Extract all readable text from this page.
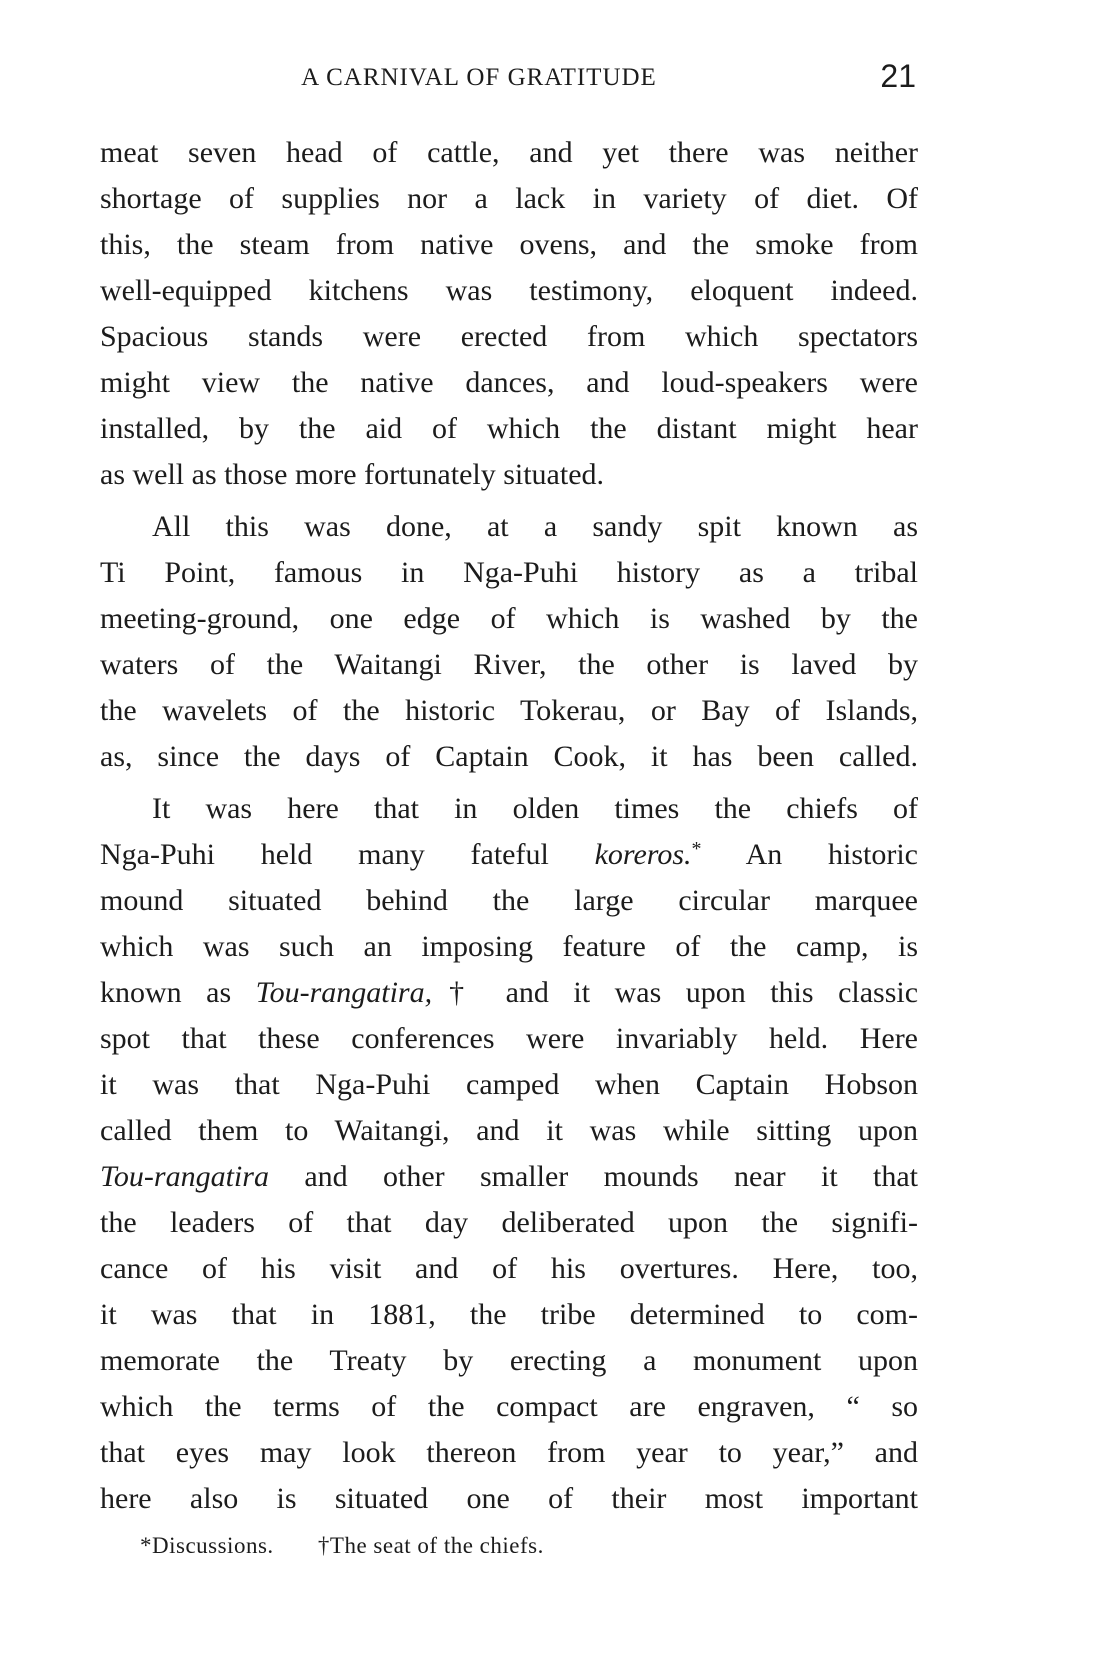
A CARNIVAL OF GRATITUDE	21
meat seven head of cattle, and yet there was neither
shortage of supplies nor a lack in variety of diet. Of
this, the steam from native ovens, and the smoke from
well-equipped kitchens was testimony, eloquent indeed.
Spacious stands were erected from which spectators
might view the native dances, and loud-speakers were
installed, by the aid of which the distant might hear
as well as those more fortunately situated.
All this was done, at a sandy spit known as
Ti Point, famous in Nga-Puhi history as a tribal
meeting-ground, one edge of which is washed by the
waters of the Waitangi River, the other is laved by
the wavelets of the historic Tokerau, or Bay of Islands,
as, since the days of Captain Cook, it has been called.
It was here that in olden times the chiefs of
Nga-Puhi held many fateful koreros.* An historic
mound situated behind the large circular marquee
which was such an imposing feature of the camp, is
known as Tou-rangatira,† and it was upon this classic
spot that these conferences were invariably held. Here
it was that Nga-Puhi camped when Captain Hobson
called them to Waitangi, and it was while sitting upon
Tou-rangatira and other smaller mounds near it that
the leaders of that day deliberated upon the signifi-
cance of his visit and of his overtures. Here, too,
it was that in 1881, the tribe determined to com-
memorate the Treaty by erecting a monument upon
which the terms of the compact are engraven, “ so
that eyes may look thereon from year to year,” and
here also is situated one of their most important
*Discussions. †The seat of the chiefs.
